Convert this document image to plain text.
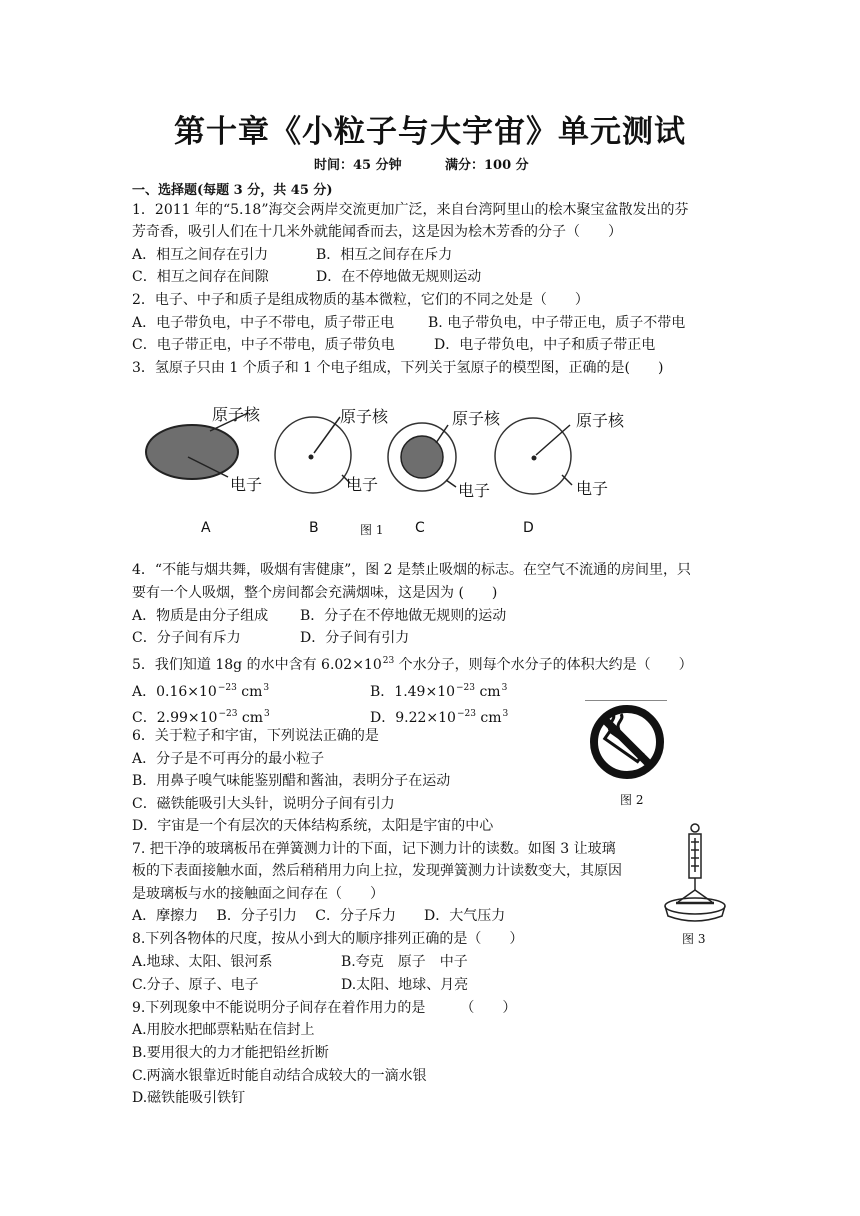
第十章《小粒子与大宇宙》单元测试
时间：45 分钟	满分：100 分
一、选择题(每题 3 分，共 45 分)
1．2011 年的“5.18”海交会两岸交流更加广泛，来自台湾阿里山的桧木聚宝盆散发出的芬
芳奇香，吸引人们在十几米外就能闻香而去，这是因为桧木芳香的分子（　　）
A．相互之间存在引力	B．相互之间存在斥力
C．相互之间存在间隙	D．在不停地做无规则运动
2．电子、中子和质子是组成物质的基本微粒，它们的不同之处是（　　）
A．电子带负电，中子不带电，质子带正电 B. 电子带负电，中子带正电，质子不带电
C．电子带正电，中子不带电，质子带负电	D．电子带负电，中子和质子带正电
3．氢原子只由 1 个质子和 1 个电子组成，下列关于氢原子的模型图，正确的是(　　)
原子核
电子
原子核
电子
原子核
电子
原子核
电子
A	B	图 1 C	D
4．“不能与烟共舞，吸烟有害健康”，图 2 是禁止吸烟的标志。在空气不流通的房间里，只
要有一个人吸烟，整个房间都会充满烟味，这是因为 (　　)
A．物质是由分子组成 B．分子在不停地做无规则的运动
C．分子间有斥力	D．分子间有引力
5．我们知道 18g 的水中含有 $6.02\times 10^{23}$ 个水分子，则每个水分子的体积大约是（　　）
A．$0.16\times 10^{-23}$ $cm^3$	B．$1.49\times 10^{-23}$ $cm^3$
C．$2.99\times 10^{-23}$ $cm^3$	D．$9.22\times 10^{-23}$ $cm^3$
图 2
6．关于粒子和宇宙，下列说法正确的是
A．分子是不可再分的最小粒子
B．用鼻子嗅气味能鉴别醋和酱油，表明分子在运动
C．磁铁能吸引大头针，说明分子间有引力
D．宇宙是一个有层次的天体结构系统，太阳是宇宙的中心
7. 把干净的玻璃板吊在弹簧测力计的下面，记下测力计的读数。如图 3 让玻璃
板的下表面接触水面，然后稍稍用力向上拉，发现弹簧测力计读数变大，其原因
是玻璃板与水的接触面之间存在（　　）
A．摩擦力　 B．分子引力　 C．分子斥力　　D．大气压力
图 3
8.下列各物体的尺度，按从小到大的顺序排列正确的是（　　）
A.地球、太阳、银河系	B.夸克　原子　中子
C.分子、原子、电子	D.太阳、地球、月亮
9.下列现象中不能说明分子间存在着作用力的是　　　（　　）
A.用胶水把邮票粘贴在信封上
B.要用很大的力才能把铅丝折断
C.两滴水银靠近时能自动结合成较大的一滴水银
D.磁铁能吸引铁钉
